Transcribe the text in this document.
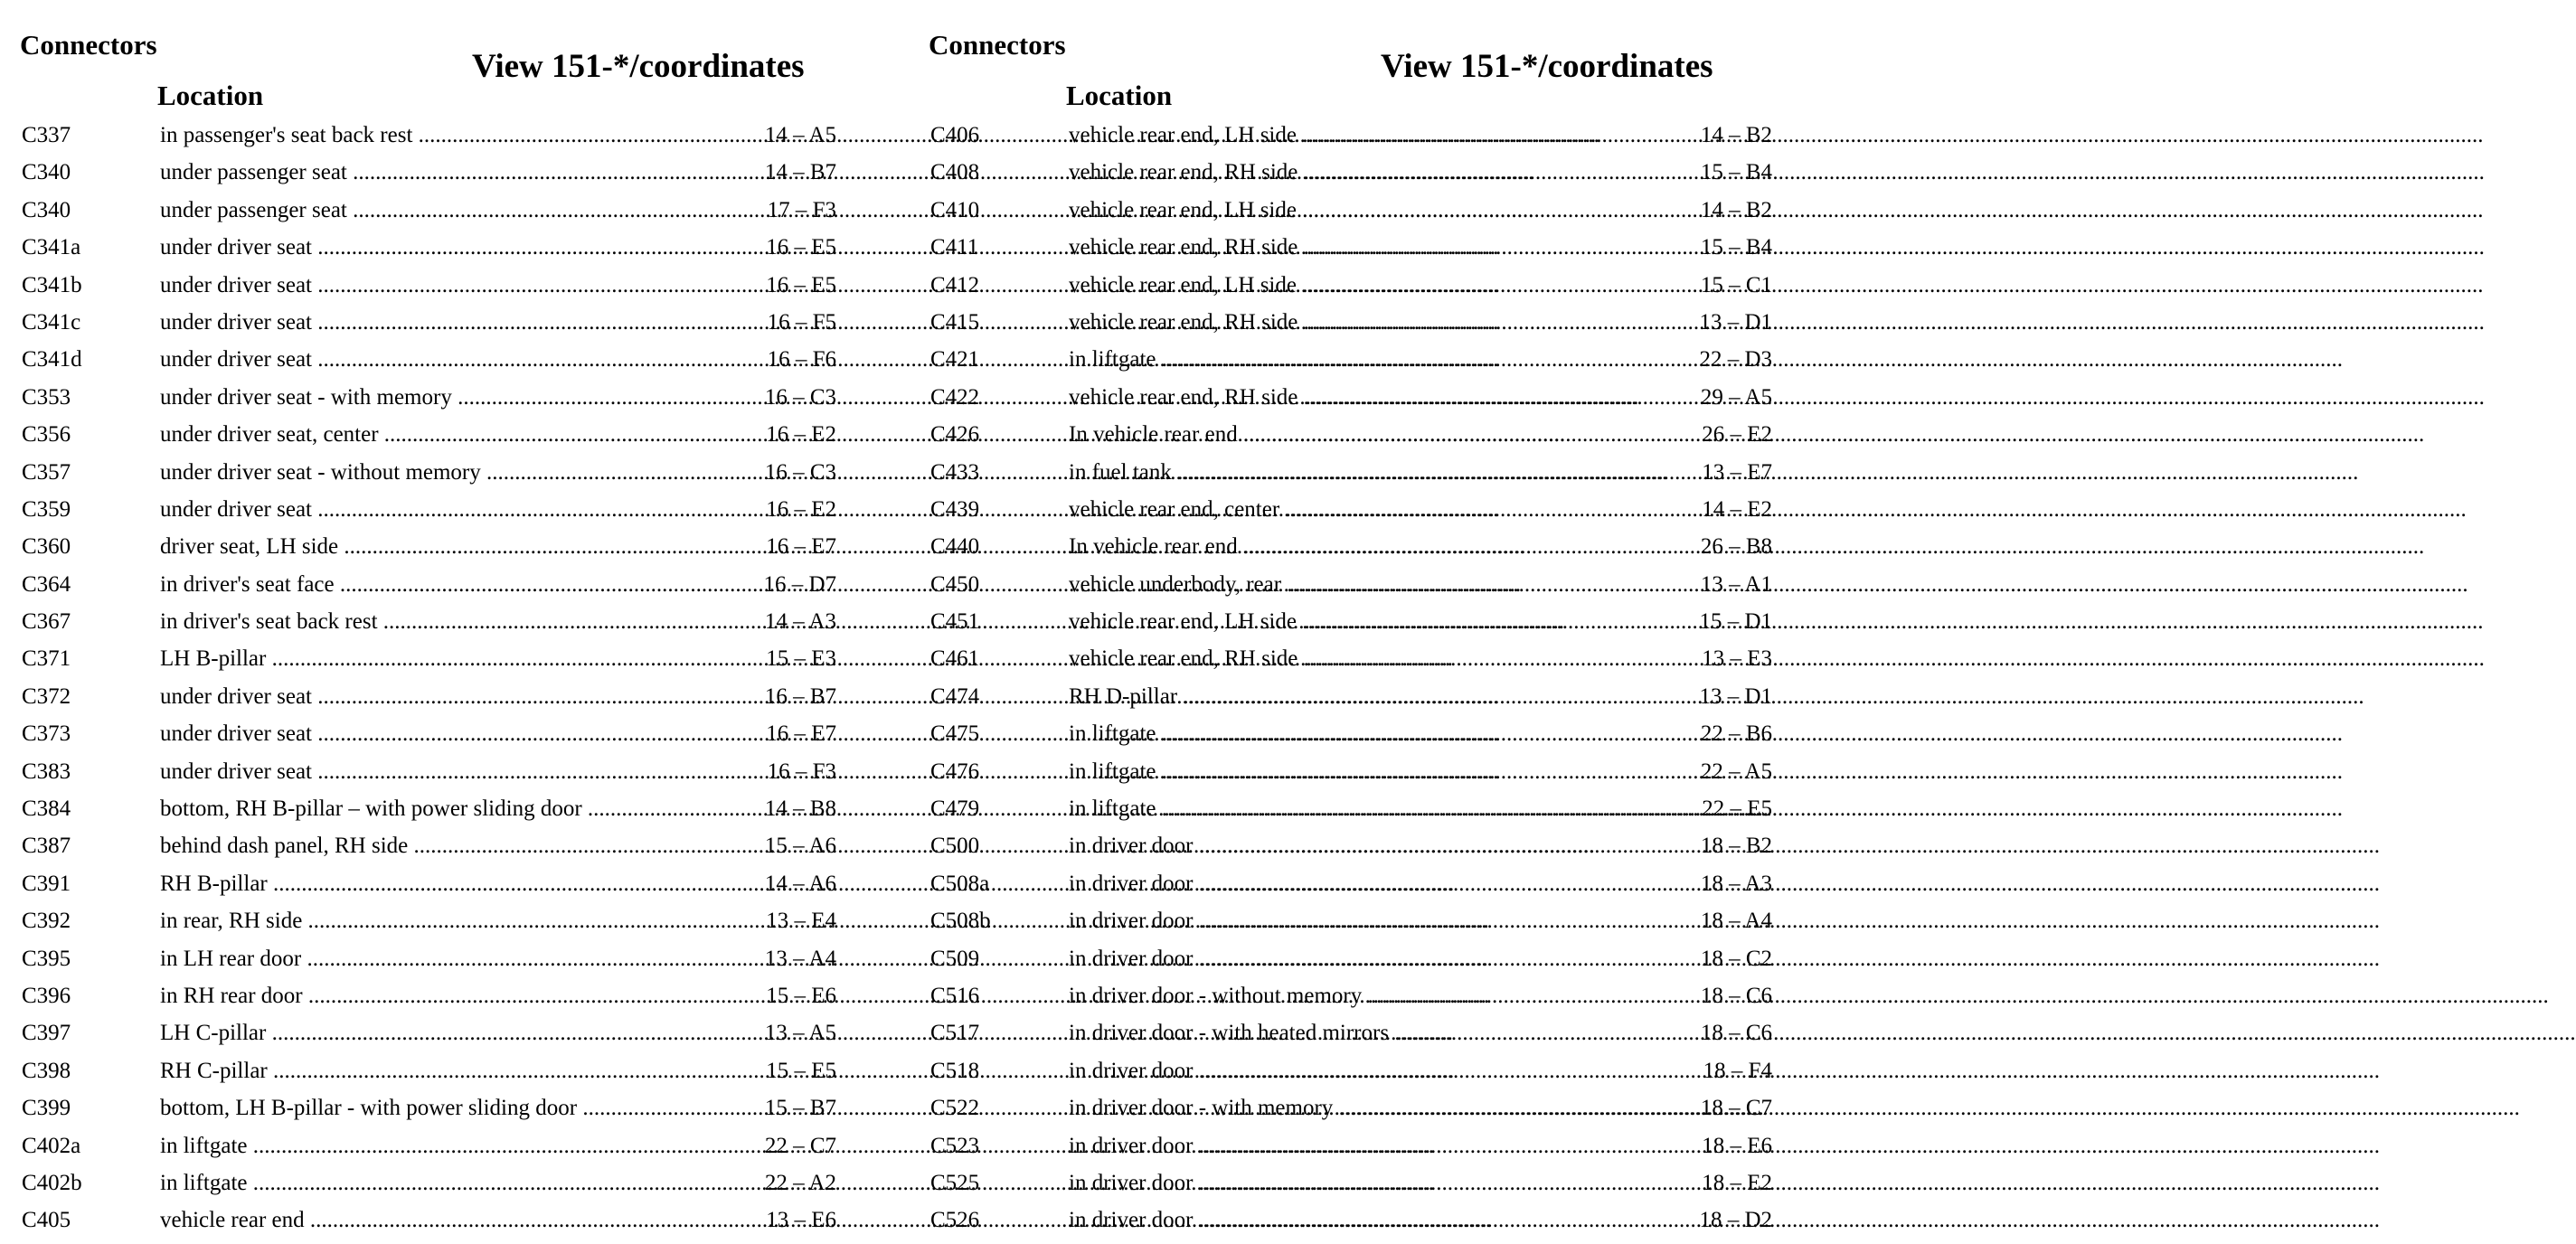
Connectors
Location
View 151-*/coordinates
C337	in passenger's seat back rest .....	14 – A5
C340	under passenger seat .....	14 – B7
C340	under passenger seat .....	17 – F3
C341a	under driver seat .....	16 – E5
C341b	under driver seat .....	16 – E5
C341c	under driver seat .....	16 – F5
C341d	under driver seat .....	16 – F6
C353	under driver seat - with memory .....	16 – C3
C356	under driver seat, center .....	16 – E2
C357	under driver seat - without memory .....	16 – C3
C359	under driver seat .....	16 – E2
C360	driver seat, LH side .....	16 – E7
C364	in driver's seat face .....	16 – D7
C367	in driver's seat back rest .....	14 – A3
C371	LH B-pillar .....	15 – E3
C372	under driver seat .....	16 – B7
C373	under driver seat .....	16 – E7
C383	under driver seat .....	16 – F3
C384	bottom, RH B-pillar – with power sliding door .....	14 – B8
C387	behind dash panel, RH side .....	15 – A6
C391	RH B-pillar .....	14 – A6
C392	in rear, RH side .....	13 – E4
C395	in LH rear door .....	13 – A4
C396	in RH rear door .....	15 – E6
C397	LH C-pillar .....	13 – A5
C398	RH C-pillar .....	15 – E5
C399	bottom, LH B-pillar - with power sliding door .....	15 – B7
C402a	in liftgate .....	22 – C7
C402b	in liftgate .....	22 – A2
C405	vehicle rear end .....	13 – E6
Connectors
Location
View 151-*/coordinates
C406	vehicle rear end, LH side .....	14 – B2
C408	vehicle rear end, RH side .....	15 – B4
C410	vehicle rear end, LH side .....	14 – B2
C411	vehicle rear end, RH side .....	15 – B4
C412	vehicle rear end, LH side .....	15 – C1
C415	vehicle rear end, RH side .....	13 – D1
C421	in liftgate .....	22 – D3
C422	vehicle rear end, RH side .....	29 – A5
C426	In vehicle rear end .....	26 – E2
C433	in fuel tank .....	13 – E7
C439	vehicle rear end, center .....	14 – E2
C440	In vehicle rear end .....	26 – B8
C450	vehicle underbody, rear .....	13 – A1
C451	vehicle rear end, LH side .....	15 – D1
C461	vehicle rear end, RH side .....	13 – E3
C474	RH D-pillar .....	13 – D1
C475	in liftgate .....	22 – B6
C476	in liftgate .....	22 – A5
C479	in liftgate .....	22 – E5
C500	in driver door .....	18 – B2
C508a	in driver door .....	18 – A3
C508b	in driver door .....	18 – A4
C509	in driver door .....	18 – C2
C516	in driver door - without memory .....	18 – C6
C517	in driver door - with heated mirrors .....	18 – C6
C518	in driver door .....	18 – F4
C522	in driver door - with memory .....	18 – C7
C523	in driver door .....	18 – E6
C525	in driver door .....	18 – E2
C526	in driver door .....	18 – D2
